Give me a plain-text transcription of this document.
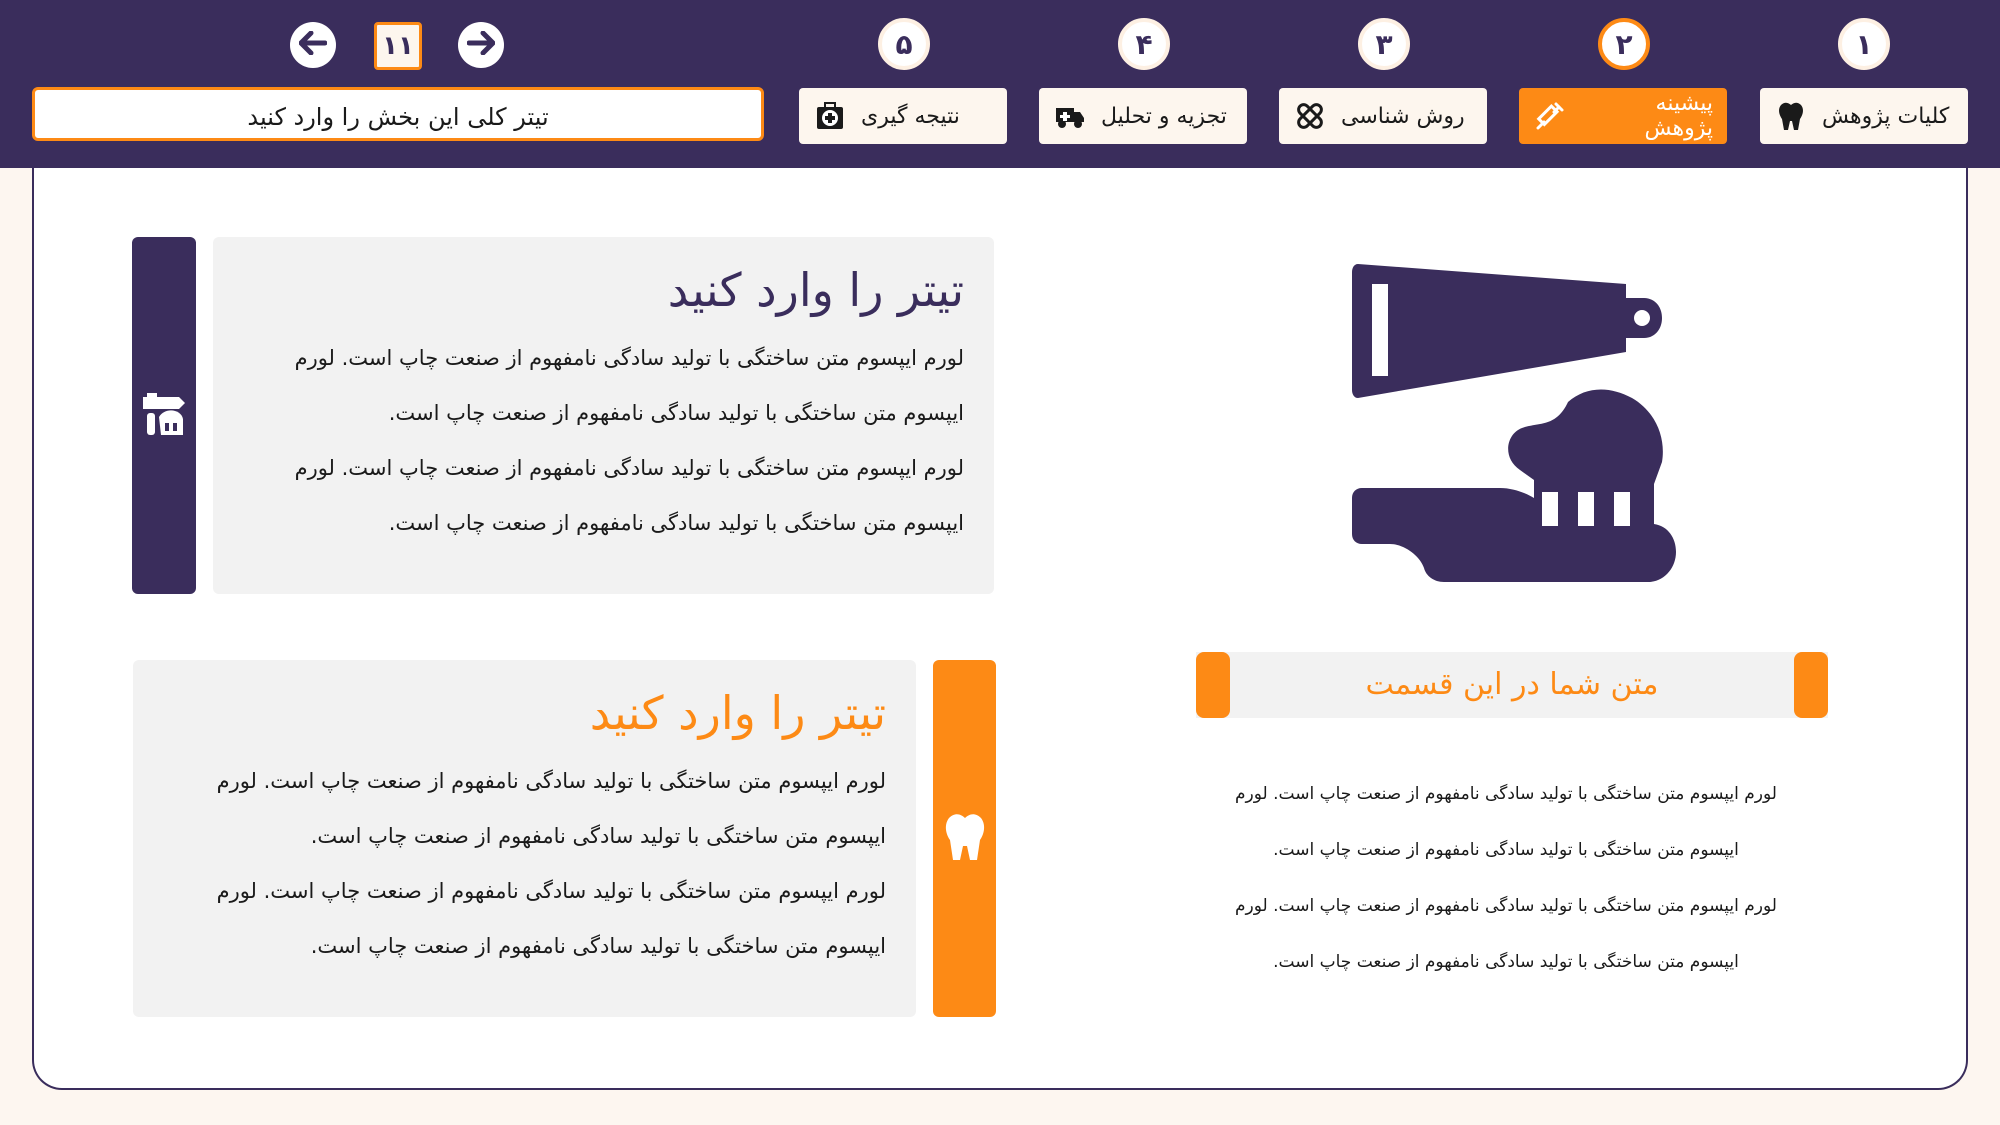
۱
۲
۳
۴
۵
کلیات پژوهش
پیشینه پژوهش
روش شناسی
تجزیه و تحلیل
نتیجه گیری
۱۱
تیتر کلی این بخش را وارد کنید
تیتر را وارد کنید

لورم ایپسوم متن ساختگی با تولید سادگی نامفهوم از صنعت چاپ است. لورم

ایپسوم متن ساختگی با تولید سادگی نامفهوم از صنعت چاپ است.

لورم ایپسوم متن ساختگی با تولید سادگی نامفهوم از صنعت چاپ است. لورم

ایپسوم متن ساختگی با تولید سادگی نامفهوم از صنعت چاپ است.

تیتر را وارد کنید

لورم ایپسوم متن ساختگی با تولید سادگی نامفهوم از صنعت چاپ است. لورم

ایپسوم متن ساختگی با تولید سادگی نامفهوم از صنعت چاپ است.

لورم ایپسوم متن ساختگی با تولید سادگی نامفهوم از صنعت چاپ است. لورم

ایپسوم متن ساختگی با تولید سادگی نامفهوم از صنعت چاپ است.

متن شما در این قسمت
لورم ایپسوم متن ساختگی با تولید سادگی نامفهوم از صنعت چاپ است. لورم
ایپسوم متن ساختگی با تولید سادگی نامفهوم از صنعت چاپ است.
لورم ایپسوم متن ساختگی با تولید سادگی نامفهوم از صنعت چاپ است. لورم
ایپسوم متن ساختگی با تولید سادگی نامفهوم از صنعت چاپ است.
